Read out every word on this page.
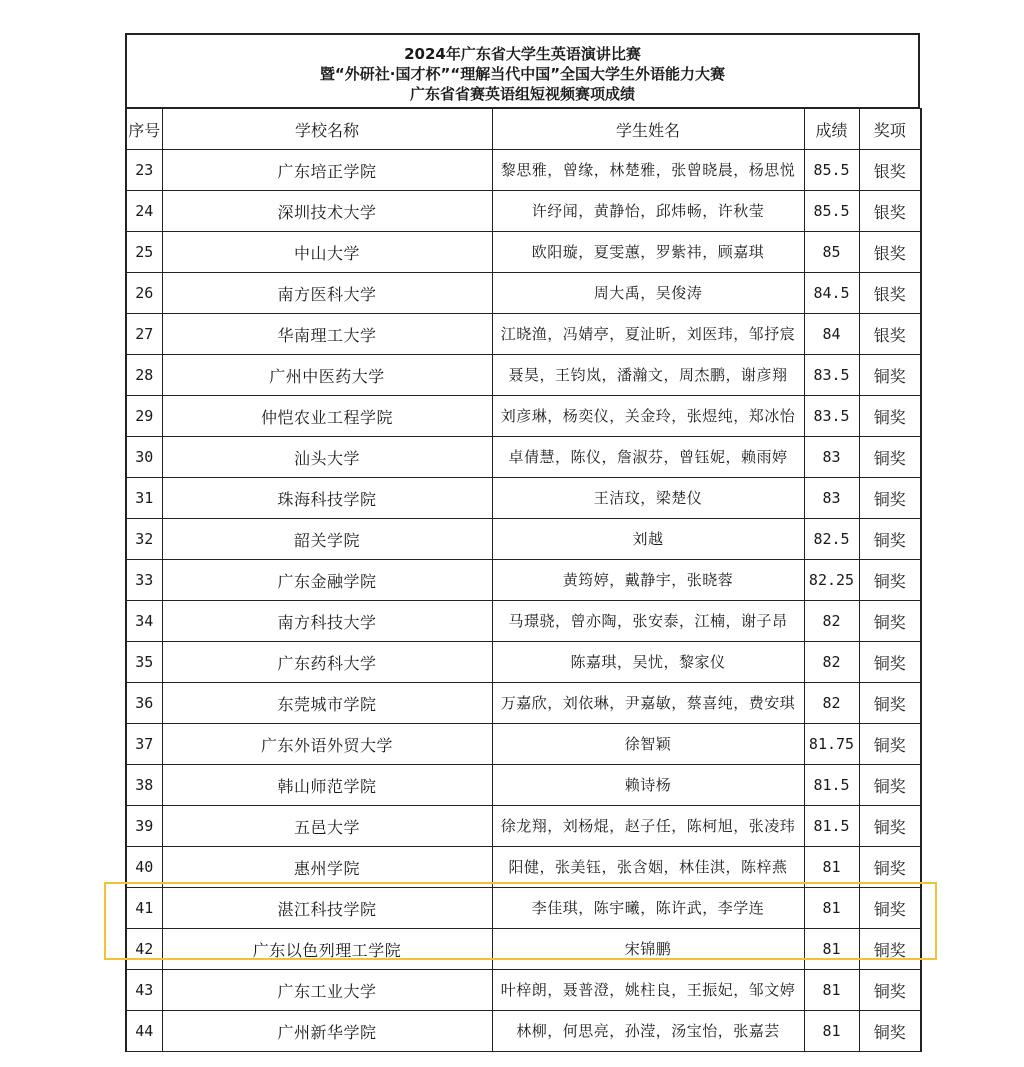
2024年广东省大学生英语演讲比赛
暨“外研社·国才杯”“理解当代中国”全国大学生外语能力大赛
广东省省赛英语组短视频赛项成绩
序号	学校名称	学生姓名	成绩	奖项
23	广东培正学院	黎思雅，曾缘，林楚雅，张曾晓晨，杨思悦	85.5	银奖
24	深圳技术大学	许纾闻，黄静怡，邱炜畅，许秋莹	85.5	银奖
25	中山大学	欧阳璇，夏雯蕙，罗紫祎，顾嘉琪	85	银奖
26	南方医科大学	周大禹，吴俊涛	84.5	银奖
27	华南理工大学	江晓渔，冯婧亭，夏沚昕，刘医玮，邹抒宸	84	银奖
28	广州中医药大学	聂昊，王钧岚，潘瀚文，周杰鹏，谢彦翔	83.5	铜奖
29	仲恺农业工程学院	刘彦琳，杨奕仪，关金玲，张煜纯，郑冰怡	83.5	铜奖
30	汕头大学	卓倩慧，陈仪，詹淑芬，曾钰妮，赖雨婷	83	铜奖
31	珠海科技学院	王洁玟，梁楚仪	83	铜奖
32	韶关学院	刘越	82.5	铜奖
33	广东金融学院	黄筠婷，戴静宇，张晓蓉	82.25	铜奖
34	南方科技大学	马璟骁，曾亦陶，张安泰，江楠，谢子昂	82	铜奖
35	广东药科大学	陈嘉琪，吴忧，黎家仪	82	铜奖
36	东莞城市学院	万嘉欣，刘依琳，尹嘉敏，蔡喜纯，费安琪	82	铜奖
37	广东外语外贸大学	徐智颖	81.75	铜奖
38	韩山师范学院	赖诗杨	81.5	铜奖
39	五邑大学	徐龙翔，刘杨焜，赵子任，陈柯旭，张凌玮	81.5	铜奖
40	惠州学院	阳健，张美钰，张含姻，林佳淇，陈梓燕	81	铜奖
41	湛江科技学院	李佳琪，陈宇曦，陈许武，李学连	81	铜奖
42	广东以色列理工学院	宋锦鹏	81	铜奖
43	广东工业大学	叶梓朗，聂普澄，姚柱良，王振妃，邹文婷	81	铜奖
44	广州新华学院	林柳，何思亮，孙滢，汤宝怡，张嘉芸	81	铜奖
